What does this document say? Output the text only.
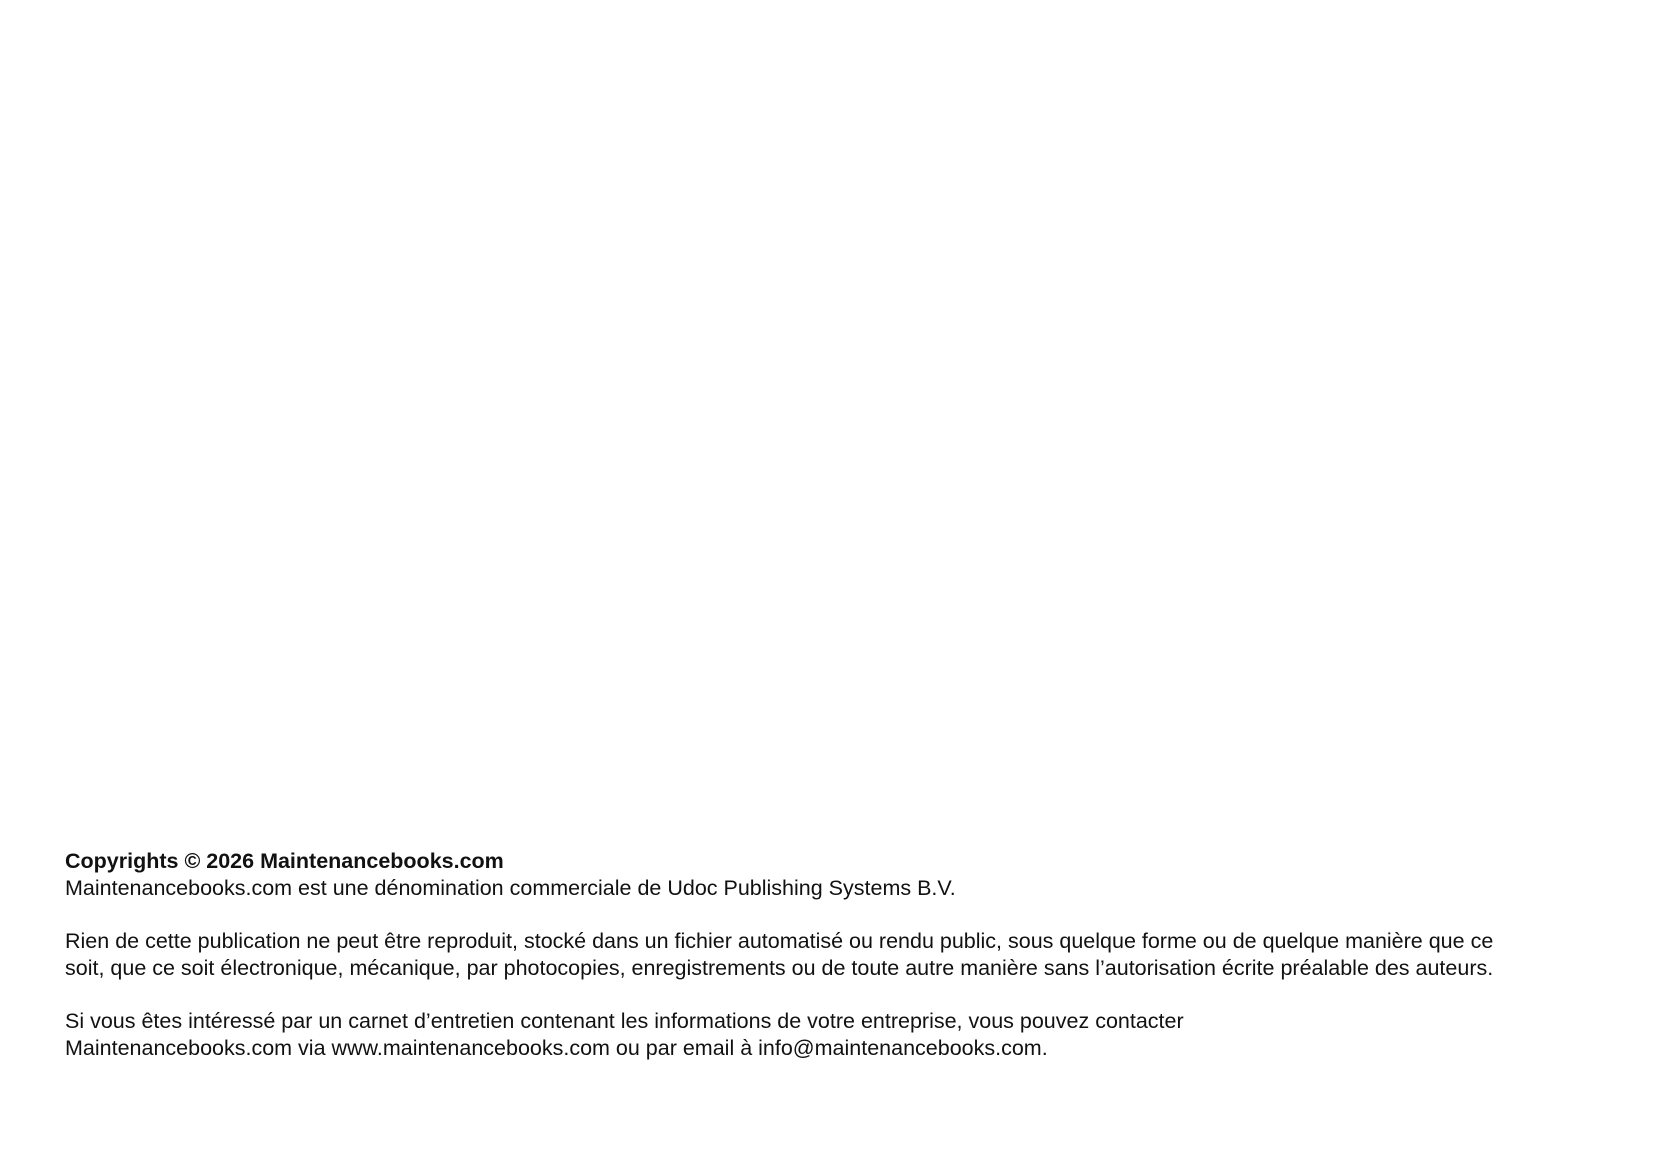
Copyrights © 2026 Maintenancebooks.com

Maintenancebooks.com est une dénomination commerciale de Udoc Publishing Systems B.V.

Rien de cette publication ne peut être reproduit, stocké dans un fichier automatisé ou rendu public, sous quelque forme ou de quelque manière que ce

soit, que ce soit électronique, mécanique, par photocopies, enregistrements ou de toute autre manière sans l’autorisation écrite préalable des auteurs.

Si vous êtes intéressé par un carnet d’entretien contenant les informations de votre entreprise, vous pouvez contacter

Maintenancebooks.com via www.maintenancebooks.com ou par email à info@maintenancebooks.com.
